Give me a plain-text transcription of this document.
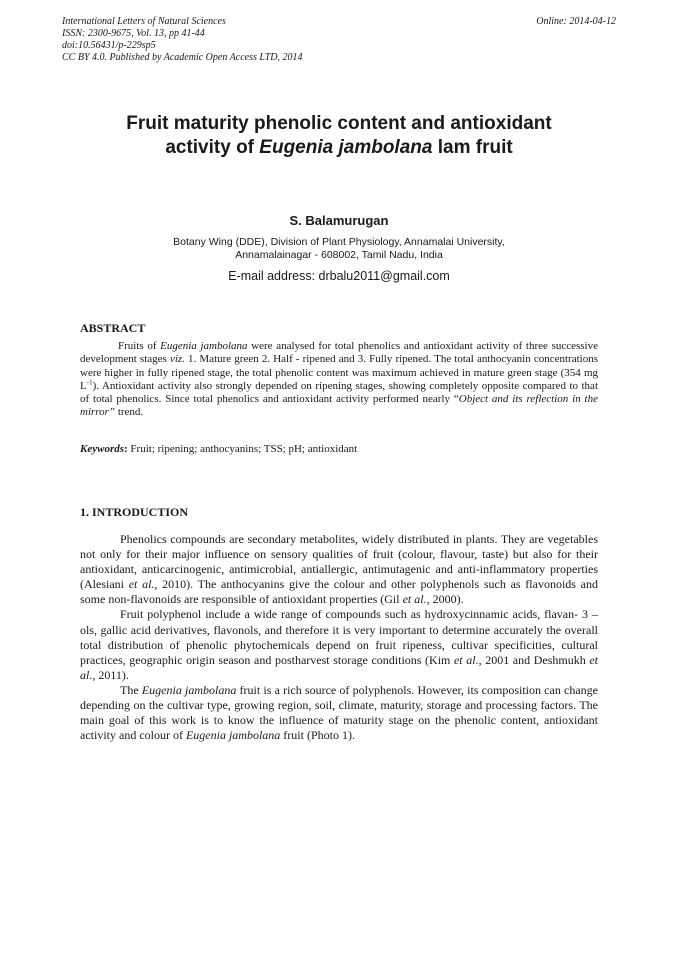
International Letters of Natural Sciences
ISSN: 2300-9675, Vol. 13, pp 41-44
doi:10.56431/p-229sp5
CC BY 4.0. Published by Academic Open Access LTD, 2014
Online: 2014-04-12
Fruit maturity phenolic content and antioxidant
activity of Eugenia jambolana lam fruit
S. Balamurugan
Botany Wing (DDE), Division of Plant Physiology, Annamalai University,
Annamalainagar - 608002, Tamil Nadu, India
E-mail address: drbalu2011@gmail.com
ABSTRACT
Fruits of Eugenia jambolana were analysed for total phenolics and antioxidant activity of three successive development stages viz. 1. Mature green 2. Half - ripened and 3. Fully ripened. The total anthocyanin concentrations were higher in fully ripened stage, the total phenolic content was maximum achieved in mature green stage (354 mg $L^{-1}$). Antioxidant activity also strongly depended on ripening stages, showing completely opposite compared to that of total phenolics. Since total phenolics and antioxidant activity performed nearly “Object and its reflection in the mirror” trend.
Keywords: Fruit; ripening; anthocyanins; TSS; pH; antioxidant
1. INTRODUCTION

Phenolics compounds are secondary metabolites, widely distributed in plants. They are vegetables not only for their major influence on sensory qualities of fruit (colour, flavour, taste) but also for their antioxidant, anticarcinogenic, antimicrobial, antiallergic, antimutagenic and anti-inflammatory properties (Alesiani et al., 2010). The anthocyanins give the colour and other polyphenols such as flavonoids and some non-flavonoids are responsible of antioxidant properties (Gil et al., 2000).

Fruit polyphenol include a wide range of compounds such as hydroxycinnamic acids, flavan- 3 – ols, gallic acid derivatives, flavonols, and therefore it is very important to determine accurately the overall total distribution of phenolic phytochemicals depend on fruit ripeness, cultivar specificities, cultural practices, geographic origin season and postharvest storage conditions (Kim et al., 2001 and Deshmukh et al., 2011).

The Eugenia jambolana fruit is a rich source of polyphenols. However, its composition can change depending on the cultivar type, growing region, soil, climate, maturity, storage and processing factors. The main goal of this work is to know the influence of maturity stage on the phenolic content, antioxidant activity and colour of Eugenia jambolana fruit (Photo 1).
